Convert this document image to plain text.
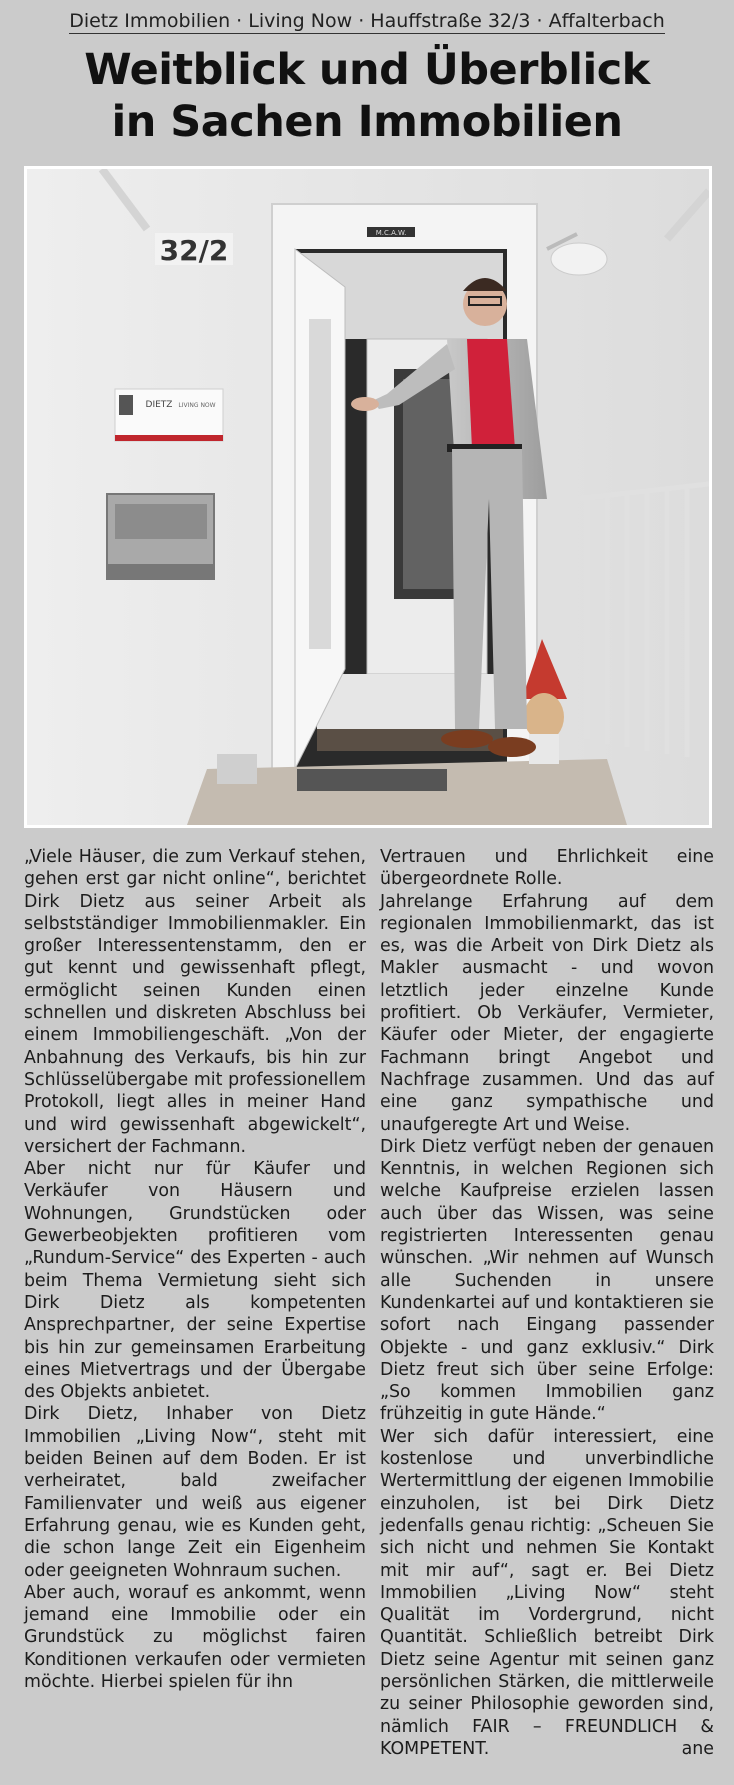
Dietz Immobilien · Living Now · Hauffstraße 32/3 · Affalterbach
Weitblick und Überblick
in Sachen Immobilien
M.C.A.W.
32/2
DIETZ LIVING NOW

„Viele Häuser, die zum Verkauf stehen, gehen erst gar nicht online“, berichtet Dirk Dietz aus seiner Arbeit als selbstständiger Immobilienmakler. Ein großer Interessentenstamm, den er gut kennt und gewissenhaft pflegt, ermöglicht seinen Kunden einen schnellen und diskreten Abschluss bei einem Immobiliengeschäft. „Von der Anbahnung des Verkaufs, bis hin zur Schlüsselübergabe mit professionellem Protokoll, liegt alles in meiner Hand und wird gewissenhaft abgewickelt“, versichert der Fachmann.

Aber nicht nur für Käufer und Verkäufer von Häusern und Wohnungen, Grundstücken oder Gewerbeobjekten profitieren vom „Rundum-Service“ des Experten - auch beim Thema Vermietung sieht sich Dirk Dietz als kompetenten Ansprechpartner, der seine Expertise bis hin zur gemeinsamen Erarbeitung eines Mietvertrags und der Übergabe des Objekts anbietet.

Dirk Dietz, Inhaber von Dietz Immobilien „Living Now“, steht mit beiden Beinen auf dem Boden. Er ist verheiratet, bald zweifacher Familienvater und weiß aus eigener Erfahrung genau, wie es Kunden geht, die schon lange Zeit ein Eigenheim oder geeigneten Wohnraum suchen.

Aber auch, worauf es ankommt, wenn jemand eine Immobilie oder ein Grundstück zu möglichst fairen Konditionen verkaufen oder vermieten möchte. Hierbei spielen für ihn

Vertrauen und Ehrlichkeit eine übergeordnete Rolle.

Jahrelange Erfahrung auf dem regionalen Immobilienmarkt, das ist es, was die Arbeit von Dirk Dietz als Makler ausmacht - und wovon letztlich jeder einzelne Kunde profitiert. Ob Verkäufer, Vermieter, Käufer oder Mieter, der engagierte Fachmann bringt Angebot und Nachfrage zusammen. Und das auf eine ganz sympathische und unaufgeregte Art und Weise.

Dirk Dietz verfügt neben der genauen Kenntnis, in welchen Regionen sich welche Kaufpreise erzielen lassen auch über das Wissen, was seine registrierten Interessenten genau wünschen. „Wir nehmen auf Wunsch alle Suchenden in unsere Kundenkartei auf und kontaktieren sie sofort nach Eingang passender Objekte - und ganz exklusiv.“ Dirk Dietz freut sich über seine Erfolge: „So kommen Immobilien ganz frühzeitig in gute Hände.“

Wer sich dafür interessiert, eine kostenlose und unverbindliche Wertermittlung der eigenen Immobilie einzuholen, ist bei Dirk Dietz jedenfalls genau richtig: „Scheuen Sie sich nicht und nehmen Sie Kontakt mit mir auf“, sagt er. Bei Dietz Immobilien „Living Now“ steht Qualität im Vordergrund, nicht Quantität. Schließlich betreibt Dirk Dietz seine Agentur mit seinen ganz persönlichen Stärken, die mittlerweile zu seiner Philosophie geworden sind, nämlich FAIR – FREUNDLICH & KOMPETENT.	ane
